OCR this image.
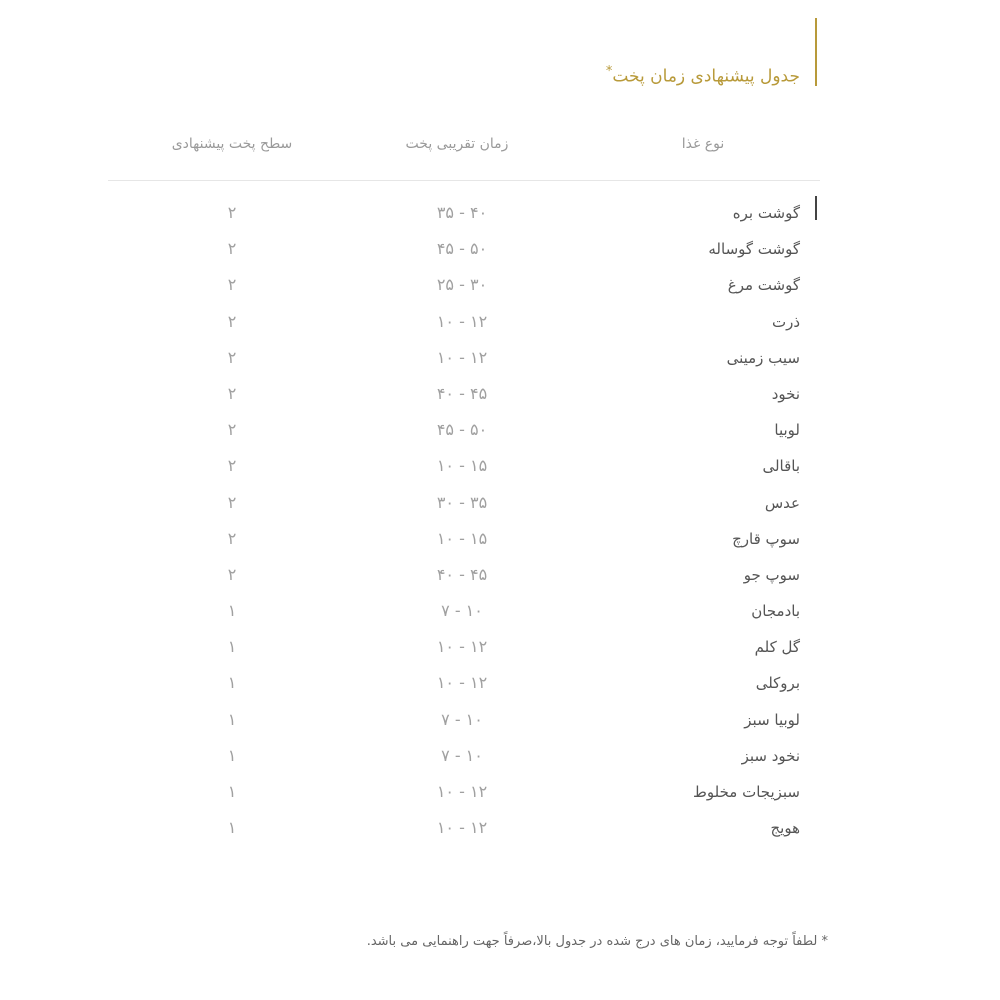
جدول پیشنهادی زمان پخت*
نوع غذا
زمان تقریبی پخت
سطح پخت پیشنهادی
گوشت بره
۳۵ - ۴۰
۲
گوشت گوساله
۴۵ - ۵۰
۲
گوشت مرغ
۲۵ - ۳۰
۲
ذرت
۱۰ - ۱۲
۲
سیب زمینی
۱۰ - ۱۲
۲
نخود
۴۰ - ۴۵
۲
لوبیا
۴۵ - ۵۰
۲
باقالی
۱۰ - ۱۵
۲
عدس
۳۰ - ۳۵
۲
سوپ قارچ
۱۰ - ۱۵
۲
سوپ جو
۴۰ - ۴۵
۲
بادمجان
۷ - ۱۰
۱
گل کلم
۱۰ - ۱۲
۱
بروکلی
۱۰ - ۱۲
۱
لوبیا سبز
۷ - ۱۰
۱
نخود سبز
۷ - ۱۰
۱
سبزیجات مخلوط
۱۰ - ۱۲
۱
هویج
۱۰ - ۱۲
۱
* لطفاً توجه فرمایید، زمان های درج شده در جدول بالا،صرفاً جهت راهنمایی می باشد.
